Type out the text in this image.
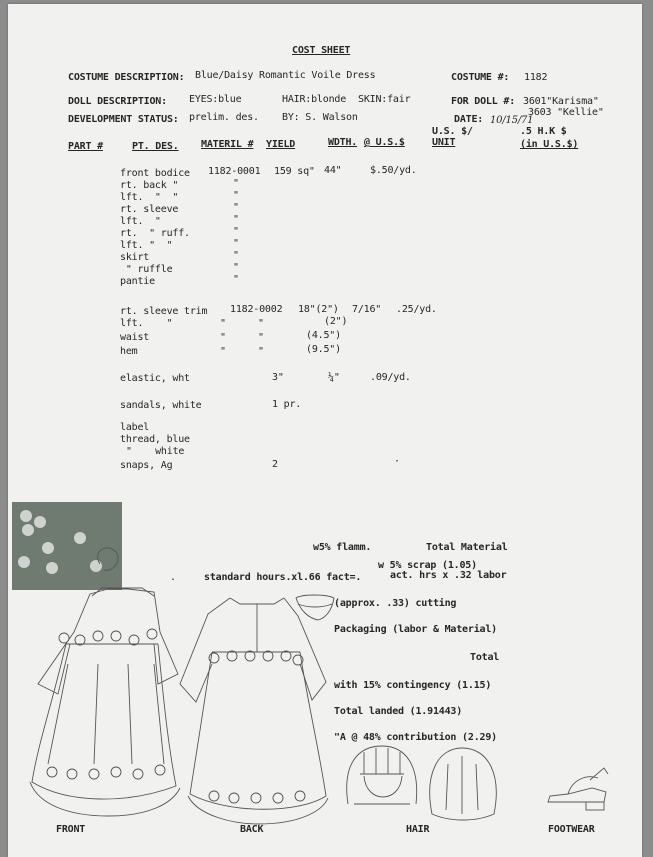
COST SHEET
COSTUME DESCRIPTION: Blue/Daisy Romantic Voile Dress	COSTUME #: 1182
DOLL DESCRIPTION: EYES:blue	HAIR:blonde SKIN:fair	FOR DOLL #: 3601"Karisma"
3603 "Kellie"
DEVELOPMENT STATUS: prelim. des. BY: S. Walson	DATE: 10/15/71
U.S. $/	.5 H.K $
PART #	PT. DES. MATERIL # YIELD	WDTH. @ U.S.$	UNIT	(in U.S.$)
front bodice 1182-0001 159 sq" 44"	$.50/yd.
rt. back "	"
lft.  "  "	"
rt. sleeve	"
lft.  "	"
rt.  " ruff.	"
lft. "  "	"
skirt	"
" ruffle	"
pantie	"
rt. sleeve trim 1182-0002 18"(2") 7/16" .25/yd.
lft.    "	"	"	(2")
waist	"	"	(4.5")
hem	"	"	(9.5")
elastic, wht	3"	¼"	.09/yd.
sandals, white	1 pr.
label
thread, blue
"    white
snaps, Ag	2	·
w5% flamm.	Total Material
w 5% scrap (1.05)
.	standard hours.xl.66 fact=.	act. hrs x .32 labor
(approx. .33) cutting
Packaging (labor & Material)
Total
with 15% contingency (1.15)
Total landed (1.91443)
"A @ 48% contribution (2.29)
FRONT	BACK	HAIR	FOOTWEAR
